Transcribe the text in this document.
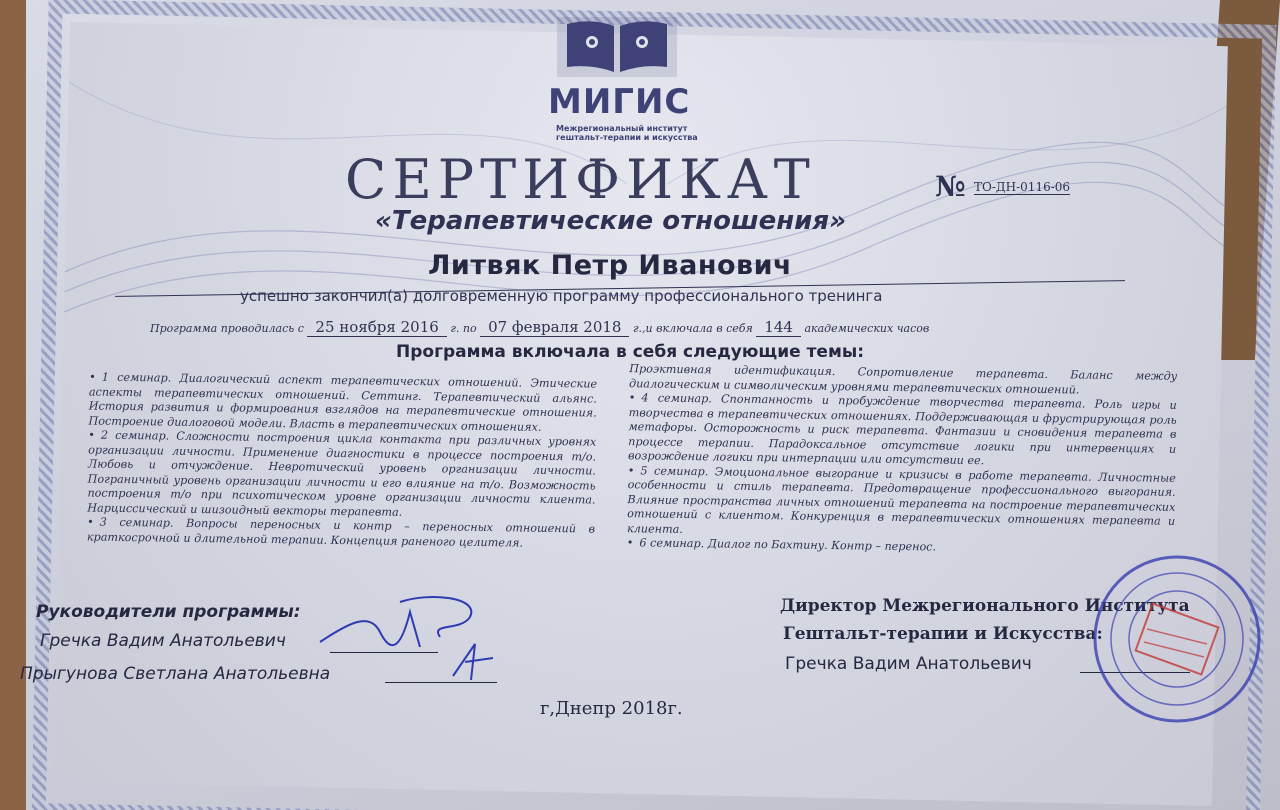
МИГИС
Межрегиональный институт
гештальт-терапии и искусства
СЕРТИФИКАТ	№ ТО-ДН-0116-06
«Терапевтические отношения»
Литвяк Петр Иванович
успешно закончил(а) долговременную программу профессионального тренинга
Программа проводилась с 25 ноября 2016 г. по 07 февраля 2018 г.,и включала в себя 144 академических часов
Программа включала в себя следующие темы:

• 1 семинар. Диалогический аспект терапевтических отношений. Этические аспекты терапевтических отношений. Сеттинг. Терапевтический альянс. История развития и формирования взглядов на терапевтические отношения. Построение диалоговой модели. Власть в терапевтических отношениях.

• 2 семинар. Сложности построения цикла контакта при различных уровнях организации личности. Применение диагностики в процессе построения т/о. Любовь и отчуждение. Невротический уровень организации личности. Пограничный уровень организации личности и его влияние на т/о. Возможность построения т/о при психотическом уровне организации личности клиента. Нарциссический и шизоидный векторы терапевта.

• 3 семинар. Вопросы переносных и контр – переносных отношений в краткосрочной и длительной терапии. Концепция раненого целителя.

Проэктивная идентификация. Сопротивление терапевта. Баланс между диалогическим и символическим уровнями терапевтических отношений.

• 4 семинар. Спонтанность и пробуждение творчества терапевта. Роль игры и творчества в терапевтических отношениях. Поддерживающая и фрустрирующая роль метафоры. Осторожность и риск терапевта. Фантазии и сновидения терапевта в процессе терапии. Парадоксальное отсутствие логики при интервенциях и возрождение логики при интерпации или отсутствии ее.

• 5 семинар. Эмоциональное выгорание и кризисы в работе терапевта. Личностные особенности и стиль терапевта. Предотвращение профессионального выгорания. Влияние пространства личных отношений терапевта на построение терапевтических отношений с клиентом. Конкуренция в терапевтических отношениях терапевта и клиента.

• 6 семинар. Диалог по Бахтину. Контр – перенос.

Руководители программы:
Гречка Вадим Анатольевич
Прыгунова Светлана Анатольевна
Директор Межрегионального Института
Гештальт-терапии и Искусства:
Гречка Вадим Анатольевич
г,Днепр 2018г.
